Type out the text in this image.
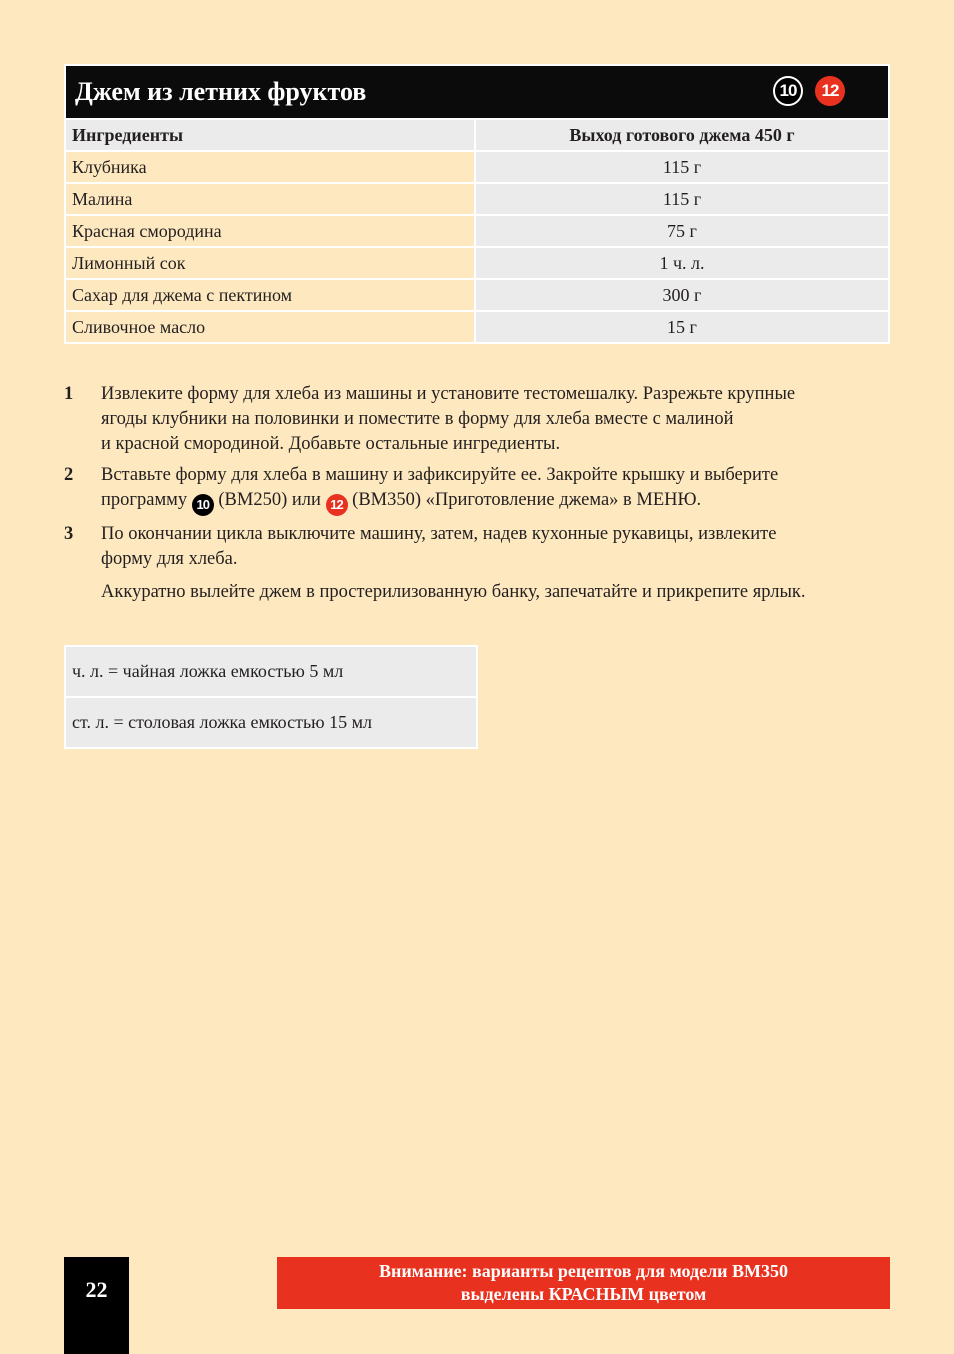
Джем из летних фруктов	10	12
Ингредиенты	Выход готового джема 450 г
Клубника	115 г
Малина	115 г
Красная смородина	75 г
Лимонный сок	1 ч. л.
Сахар для джема с пектином	300 г
Сливочное масло	15 г
1	Извлеките форму для хлеба из машины и установите тестомешалку. Разрежьте крупные
ягоды клубники на половинки и поместите в форму для хлеба вместе с малиной
и красной смородиной. Добавьте остальные ингредиенты.
2	Вставьте форму для хлеба в машину и зафиксируйте ее. Закройте крышку и выберите
программу 10 (BM250) или 12 (BM350) «Приготовление джема» в МЕНЮ.
3	По окончании цикла выключите машину, затем, надев кухонные рукавицы, извлеките
форму для хлеба.
Аккуратно вылейте джем в простерилизованную банку, запечатайте и прикрепите ярлык.
ч. л. = чайная ложка емкостью 5 мл
ст. л. = столовая ложка емкостью 15 мл
22
Внимание: варианты рецептов для модели BM350
выделены КРАСНЫМ цветом
